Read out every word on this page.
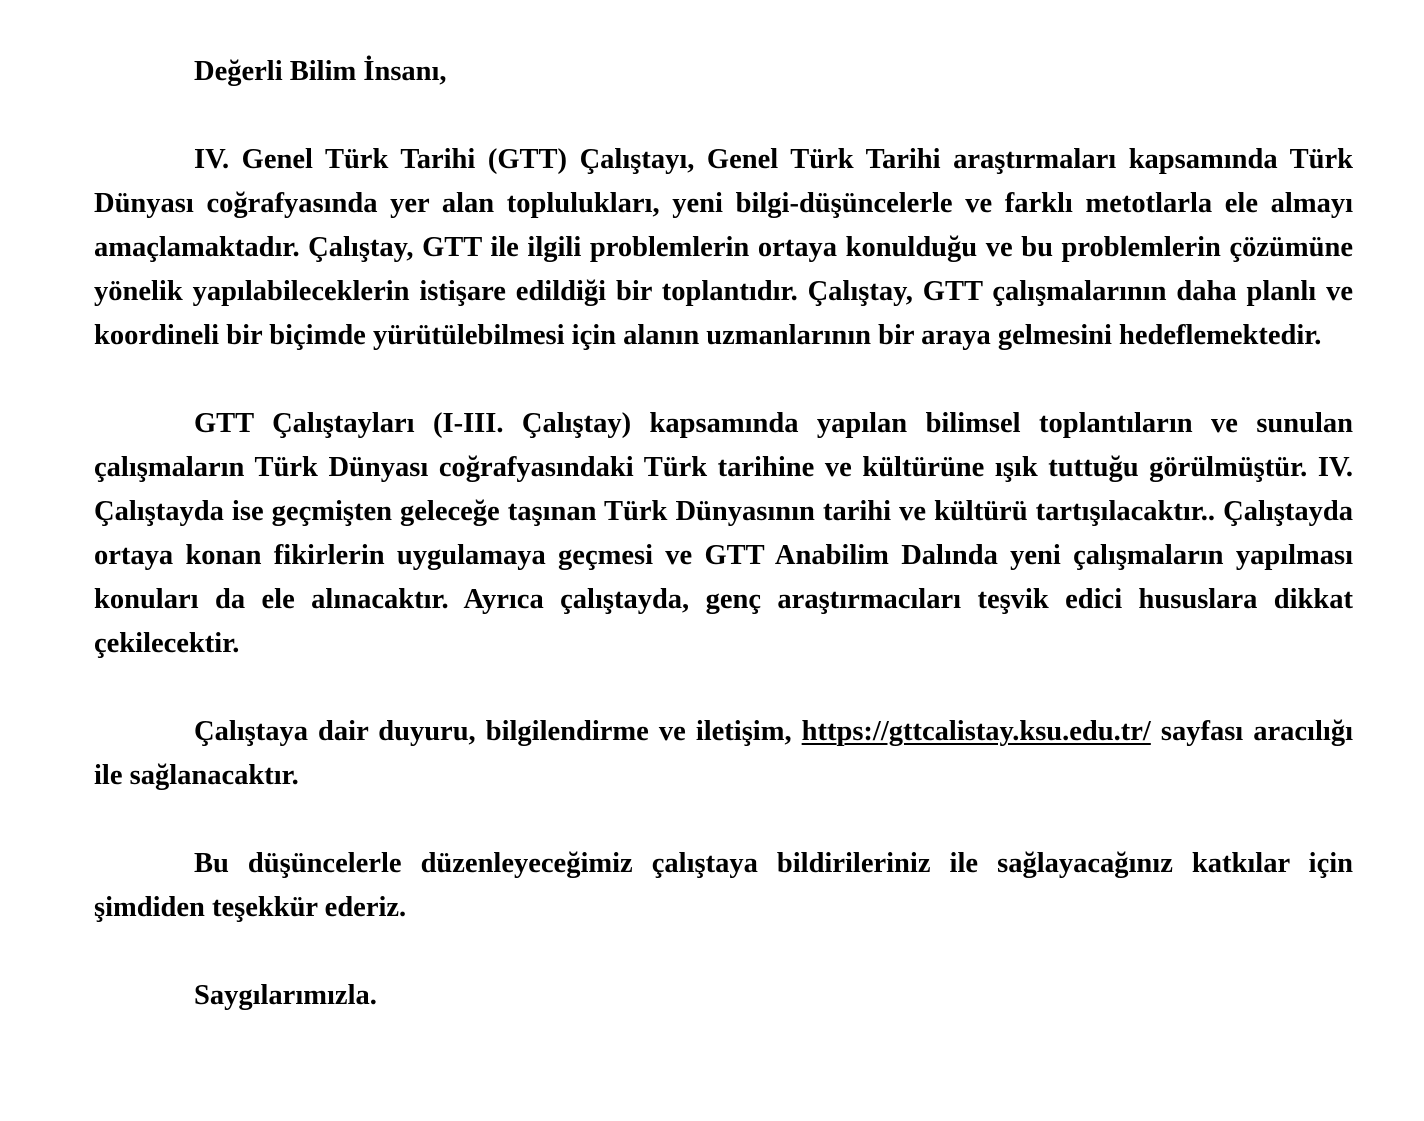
Değerli Bilim İnsanı,

IV. Genel Türk Tarihi (GTT) Çalıştayı, Genel Türk Tarihi araştırmaları kapsamında Türk Dünyası coğrafyasında yer alan toplulukları, yeni bilgi-düşüncelerle ve farklı metotlarla ele almayı amaçlamaktadır. Çalıştay, GTT ile ilgili problemlerin ortaya konulduğu ve bu problemlerin çözümüne yönelik yapılabileceklerin istişare edildiği bir toplantıdır. Çalıştay, GTT çalışmalarının daha planlı ve koordineli bir biçimde yürütülebilmesi için alanın uzmanlarının bir araya gelmesini hedeflemektedir.

GTT Çalıştayları (I-III. Çalıştay) kapsamında yapılan bilimsel toplantıların ve sunulan çalışmaların Türk Dünyası coğrafyasındaki Türk tarihine ve kültürüne ışık tuttuğu görülmüştür. IV. Çalıştayda ise geçmişten geleceğe taşınan Türk Dünyasının tarihi ve kültürü tartışılacaktır.. Çalıştayda ortaya konan fikirlerin uygulamaya geçmesi ve GTT Anabilim Dalında yeni çalışmaların yapılması konuları da ele alınacaktır. Ayrıca çalıştayda, genç araştırmacıları teşvik edici hususlara dikkat çekilecektir.

Çalıştaya dair duyuru, bilgilendirme ve iletişim, https://gttcalistay.ksu.edu.tr/ sayfası aracılığı ile sağlanacaktır.

Bu düşüncelerle düzenleyeceğimiz çalıştaya bildirileriniz ile sağlayacağınız katkılar için şimdiden teşekkür ederiz.

Saygılarımızla.
